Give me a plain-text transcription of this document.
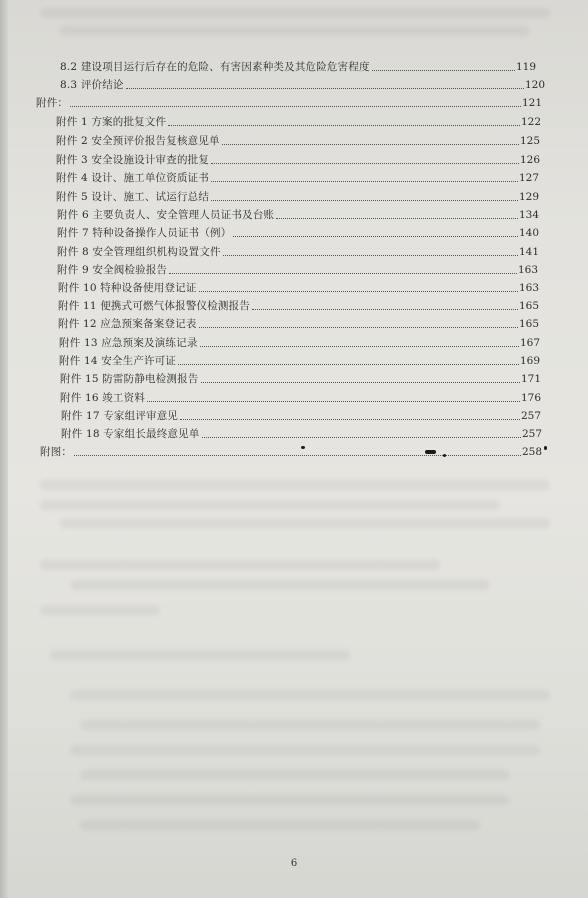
8.2 建设项目运行后存在的危险、有害因素种类及其危险危害程度	119
8.3 评价结论	120
附件：	121
附件 1 方案的批复文件	122
附件 2 安全预评价报告复核意见单	125
附件 3 安全设施设计审查的批复	126
附件 4 设计、施工单位资质证书	127
附件 5 设计、施工、试运行总结	129
附件 6 主要负责人、安全管理人员证书及台账	134
附件 7 特种设备操作人员证书（例）	140
附件 8 安全管理组织机构设置文件	141
附件 9 安全阀检验报告	163
附件 10 特种设备使用登记证	163
附件 11 便携式可燃气体报警仪检测报告	165
附件 12 应急预案备案登记表	165
附件 13 应急预案及演练记录	167
附件 14 安全生产许可证	169
附件 15 防雷防静电检测报告	171
附件 16 竣工资料	176
附件 17 专家组评审意见	257
附件 18 专家组长最终意见单	257
附图：	258
6
